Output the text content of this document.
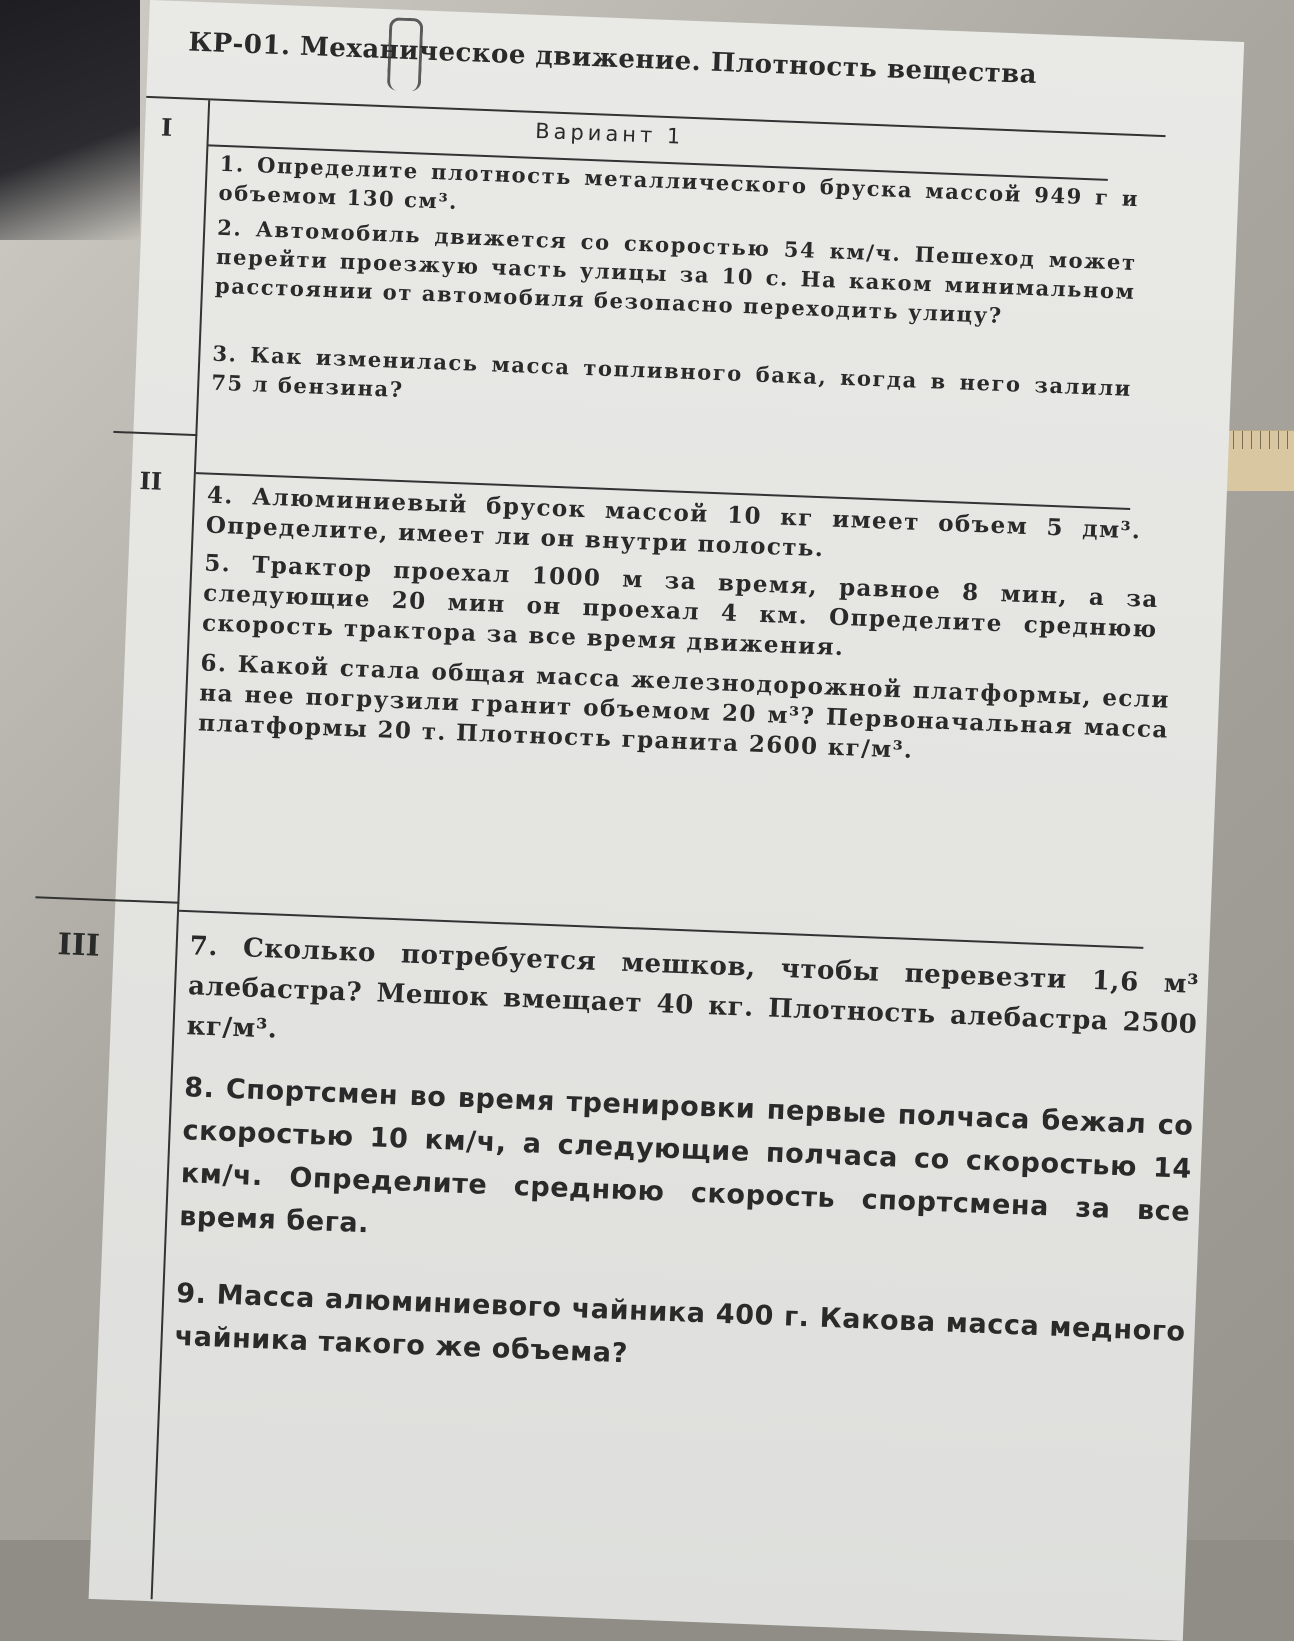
КР-01. Механическое движение. Плотность вещества
Вариант 1
I
1. Определите плотность металлического бруска массой 949 г и объемом 130 см³.
2. Автомобиль движется со скоростью 54 км/ч. Пешеход может перейти проезжую часть улицы за 10 с. На каком минимальном расстоянии от автомобиля безопасно переходить улицу?
3. Как изменилась масса топливного бака, когда в него залили 75 л бензина?
II
4. Алюминиевый брусок массой 10 кг имеет объем 5 дм³. Определите, имеет ли он внутри полость.
5. Трактор проехал 1000 м за время, равное 8 мин, а за следующие 20 мин он проехал 4 км. Определите среднюю скорость трактора за все время движения.
6. Какой стала общая масса железнодорожной платформы, если на нее погрузили гранит объемом 20 м³? Первоначальная масса платформы 20 т. Плотность гранита 2600 кг/м³.
III	7. Сколько потребуется мешков, чтобы перевезти 1,6 м³ алебастра? Мешок вмещает 40 кг. Плотность алебастра 2500 кг/м³.
8. Спортсмен во время тренировки первые полчаса бежал со скоростью 10 км/ч, а следующие полчаса со скоростью 14 км/ч. Определите среднюю скорость спортсмена за все время бега.
9. Масса алюминиевого чайника 400 г. Какова масса медного чайника такого же объема?
